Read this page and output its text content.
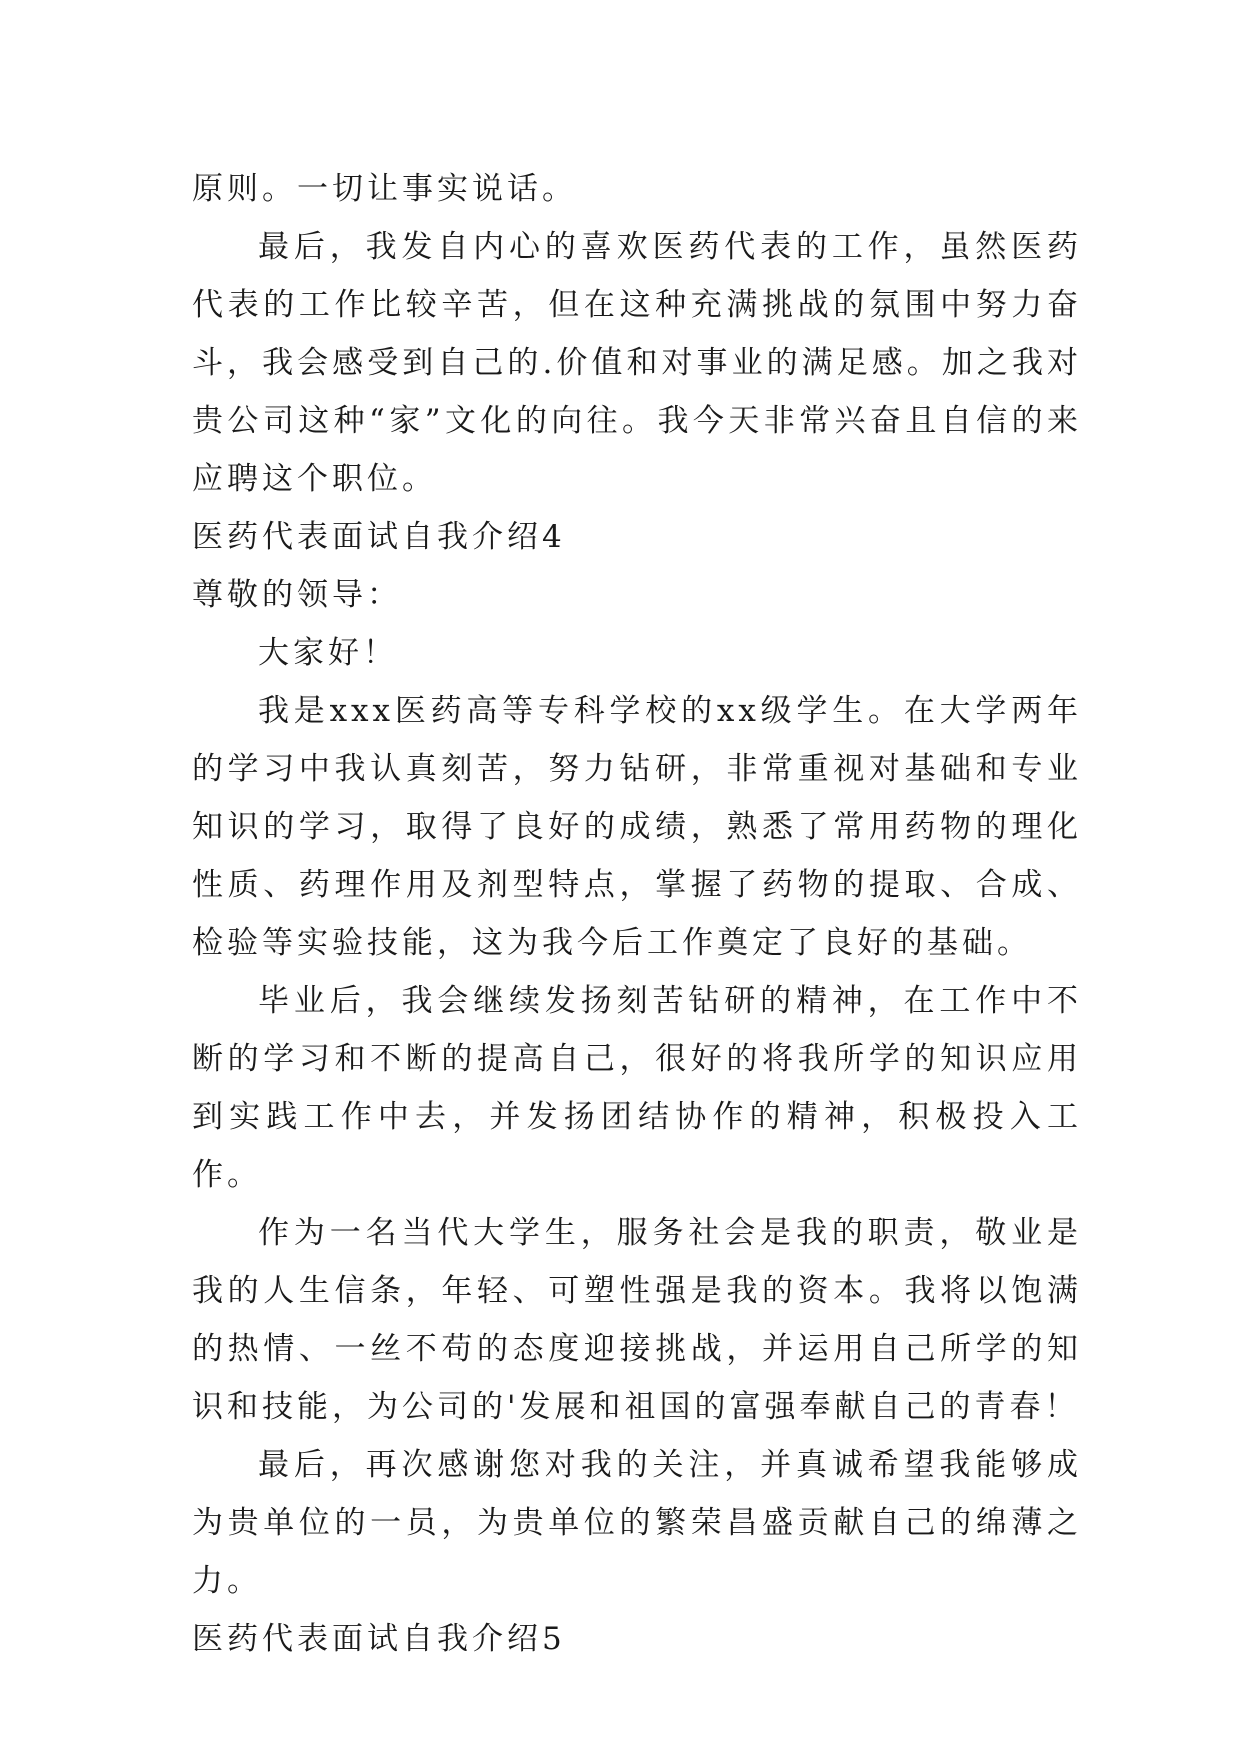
原则。一切让事实说话。

最后，我发自内心的喜欢医药代表的工作，虽然医药代表的工作比较辛苦，但在这种充满挑战的氛围中努力奋斗，我会感受到自己的.价值和对事业的满足感。加之我对贵公司这种“家”文化的向往。我今天非常兴奋且自信的来应聘这个职位。

医药代表面试自我介绍4

尊敬的领导：

大家好！

我是xxx医药高等专科学校的xx级学生。在大学两年的学习中我认真刻苦，努力钻研，非常重视对基础和专业知识的学习，取得了良好的成绩，熟悉了常用药物的理化性质、药理作用及剂型特点，掌握了药物的提取、合成、检验等实验技能，这为我今后工作奠定了良好的基础。

毕业后，我会继续发扬刻苦钻研的精神，在工作中不断的学习和不断的提高自己，很好的将我所学的知识应用到实践工作中去，并发扬团结协作的精神，积极投入工作。

作为一名当代大学生，服务社会是我的职责，敬业是我的人生信条，年轻、可塑性强是我的资本。我将以饱满的热情、一丝不苟的态度迎接挑战，并运用自己所学的知识和技能，为公司的'发展和祖国的富强奉献自己的青春！

最后，再次感谢您对我的关注，并真诚希望我能够成为贵单位的一员，为贵单位的繁荣昌盛贡献自己的绵薄之力。

医药代表面试自我介绍5
